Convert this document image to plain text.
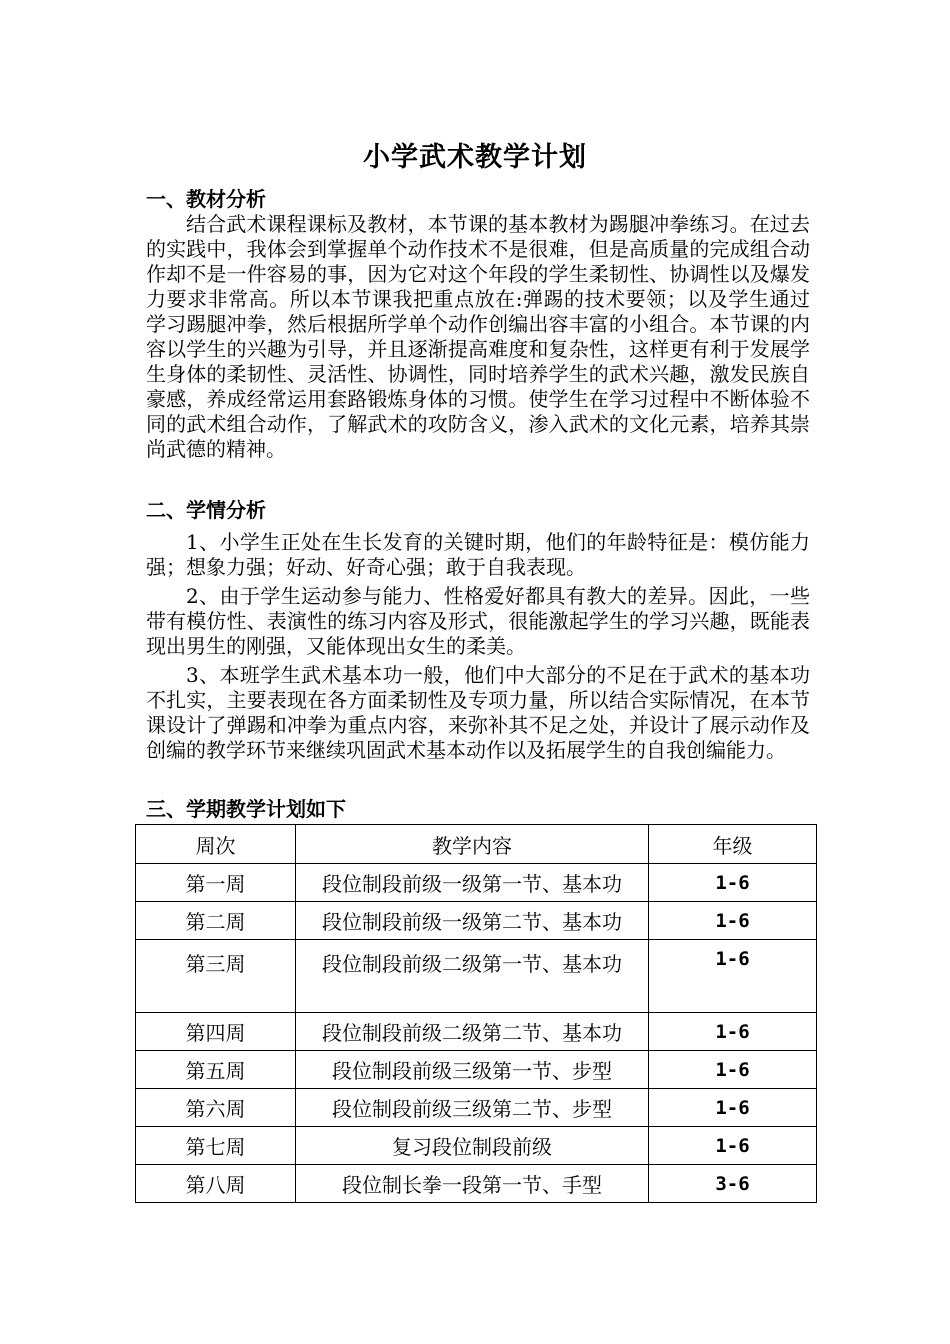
小学武术教学计划
一、教材分析

结合武术课程课标及教材，本节课的基本教材为踢腿冲拳练习。在过去的实践中，我体会到掌握单个动作技术不是很难，但是高质量的完成组合动作却不是一件容易的事，因为它对这个年段的学生柔韧性、协调性以及爆发力要求非常高。所以本节课我把重点放在:弹踢的技术要领；以及学生通过学习踢腿冲拳，然后根据所学单个动作创编出容丰富的小组合。本节课的内容以学生的兴趣为引导，并且逐渐提高难度和复杂性，这样更有利于发展学生身体的柔韧性、灵活性、协调性，同时培养学生的武术兴趣，激发民族自豪感，养成经常运用套路锻炼身体的习惯。使学生在学习过程中不断体验不同的武术组合动作，了解武术的攻防含义，渗入武术的文化元素，培养其崇尚武德的精神。

二、学情分析

1、小学生正处在生长发育的关键时期，他们的年龄特征是：模仿能力强；想象力强；好动、好奇心强；敢于自我表现。

2、由于学生运动参与能力、性格爱好都具有教大的差异。因此，一些带有模仿性、表演性的练习内容及形式，很能激起学生的学习兴趣，既能表现出男生的刚强，又能体现出女生的柔美。

3、本班学生武术基本功一般，他们中大部分的不足在于武术的基本功不扎实，主要表现在各方面柔韧性及专项力量，所以结合实际情况，在本节课设计了弹踢和冲拳为重点内容，来弥补其不足之处，并设计了展示动作及创编的教学环节来继续巩固武术基本动作以及拓展学生的自我创编能力。

三、学期教学计划如下
周次	教学内容	年级
第一周	段位制段前级一级第一节、基本功	1-6
第二周	段位制段前级一级第二节、基本功	1-6
第三周	段位制段前级二级第一节、基本功	1-6
第四周	段位制段前级二级第二节、基本功	1-6
第五周	段位制段前级三级第一节、步型	1-6
第六周	段位制段前级三级第二节、步型	1-6
第七周	复习段位制段前级	1-6
第八周	段位制长拳一段第一节、手型	3-6
